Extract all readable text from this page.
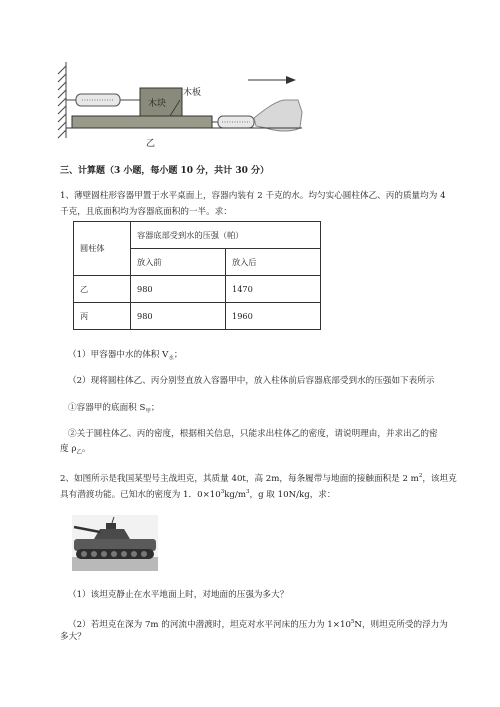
木块
木板
乙
三、计算题（3 小题，每小题 10 分，共计 30 分）
1、薄壁圆柱形容器甲置于水平桌面上，容器内装有 2 千克的水。均匀实心圆柱体乙、丙的质量均为 4
千克，且底面积均为容器底面积的一半。求：
圆柱体	容器底部受到水的压强（帕）	
	放入前	放入后
乙	980	1470
丙	980	1960
（1）甲容器中水的体积 $V_水$；
（2）现将圆柱体乙、丙分别竖直放入容器甲中，放入柱体前后容器底部受到水的压强如下表所示
①容器甲的底面积 $S_甲$；
②关于圆柱体乙、丙的密度，根据相关信息，只能求出柱体乙的密度，请说明理由，并求出乙的密
度 $\rho_乙$。
2、如图所示是我国某型号主战坦克，其质量 40t，高 2m，每条履带与地面的接触面积是 2 $m^2$，该坦克
具有潜渡功能。已知水的密度为 1．$0\times 10^3kg/m^3$，g 取 10N/kg，求：
（1）该坦克静止在水平地面上时，对地面的压强为多大？
（2）若坦克在深为 7m 的河流中潜渡时，坦克对水平河床的压力为 $1\times 10^5N$，则坦克所受的浮力为
多大？
